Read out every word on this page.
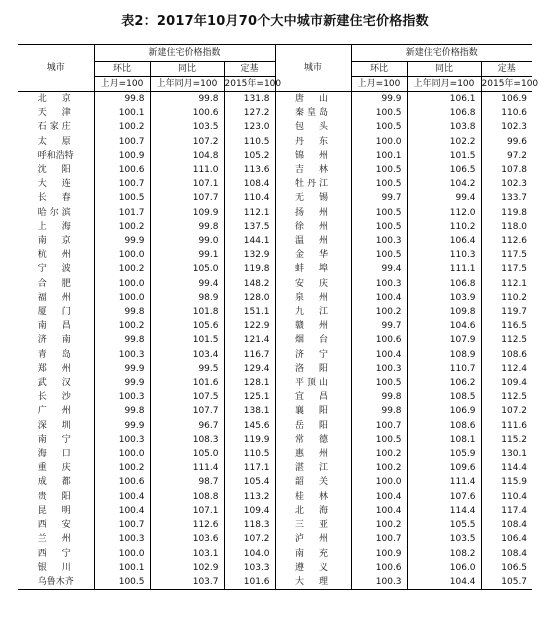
表2：2017年10月70个大中城市新建住宅价格指数
城市	新建住宅价格指数			城市	新建住宅价格指数		
	环比	同比	定基		环比	同比	定基
	上月=100	上年同月=100	2015年=100		上月=100	上年同月=100	2015年=100
北　京	99.8	99.8	131.8	唐　山	99.9	106.1	106.9
天　津	100.1	100.6	127.2	秦皇岛	100.5	106.8	110.6
石家庄	100.2	103.5	123.0	包　头	100.5	103.8	102.3
太　原	100.7	107.2	110.5	丹　东	100.0	102.2	99.6
呼和浩特	100.9	104.8	105.2	锦　州	100.1	101.5	97.2
沈　阳	100.6	111.0	113.6	吉　林	100.5	106.5	107.8
大　连	100.7	107.1	108.4	牡丹江	100.5	104.2	102.3
长　春	100.5	107.7	110.4	无　锡	99.7	99.4	133.7
哈尔滨	101.7	109.9	112.1	扬　州	100.5	112.0	119.8
上　海	100.2	99.8	137.5	徐　州	100.5	110.2	118.0
南　京	99.9	99.0	144.1	温　州	100.3	106.4	112.6
杭　州	100.0	99.1	132.9	金　华	100.5	110.3	117.5
宁　波	100.2	105.0	119.8	蚌　埠	99.4	111.1	117.5
合　肥	100.0	99.4	148.2	安　庆	100.3	106.8	112.1
福　州	100.0	98.9	128.0	泉　州	100.4	103.9	110.2
厦　门	99.8	101.8	151.1	九　江	100.2	109.8	119.7
南　昌	100.2	105.6	122.9	赣　州	99.7	104.6	116.5
济　南	99.8	101.5	121.4	烟　台	100.6	107.9	112.5
青　岛	100.3	103.4	116.7	济　宁	100.4	108.9	108.6
郑　州	99.9	99.5	129.4	洛　阳	100.3	110.7	112.4
武　汉	99.9	101.6	128.1	平顶山	100.5	106.2	109.4
长　沙	100.3	107.5	125.1	宜　昌	99.8	108.5	112.5
广　州	99.8	107.7	138.1	襄　阳	99.8	106.9	107.2
深　圳	99.9	96.7	145.6	岳　阳	100.7	108.6	111.6
南　宁	100.3	108.3	119.9	常　德	100.5	108.1	115.2
海　口	100.0	105.0	110.5	惠　州	100.2	105.9	130.1
重　庆	100.2	111.4	117.1	湛　江	100.2	109.6	114.4
成　都	100.6	98.7	105.4	韶　关	100.0	111.4	115.9
贵　阳	100.4	108.8	113.2	桂　林	100.4	107.6	110.4
昆　明	100.4	107.1	109.4	北　海	100.4	114.4	117.4
西　安	100.7	112.6	118.3	三　亚	100.2	105.5	108.4
兰　州	100.3	103.6	107.2	泸　州	100.7	103.5	106.4
西　宁	100.0	103.1	104.0	南　充	100.9	108.2	108.4
银　川	100.1	102.9	103.3	遵　义	100.6	106.0	106.5
乌鲁木齐	100.5	103.7	101.6	大　理	100.3	104.4	105.7
